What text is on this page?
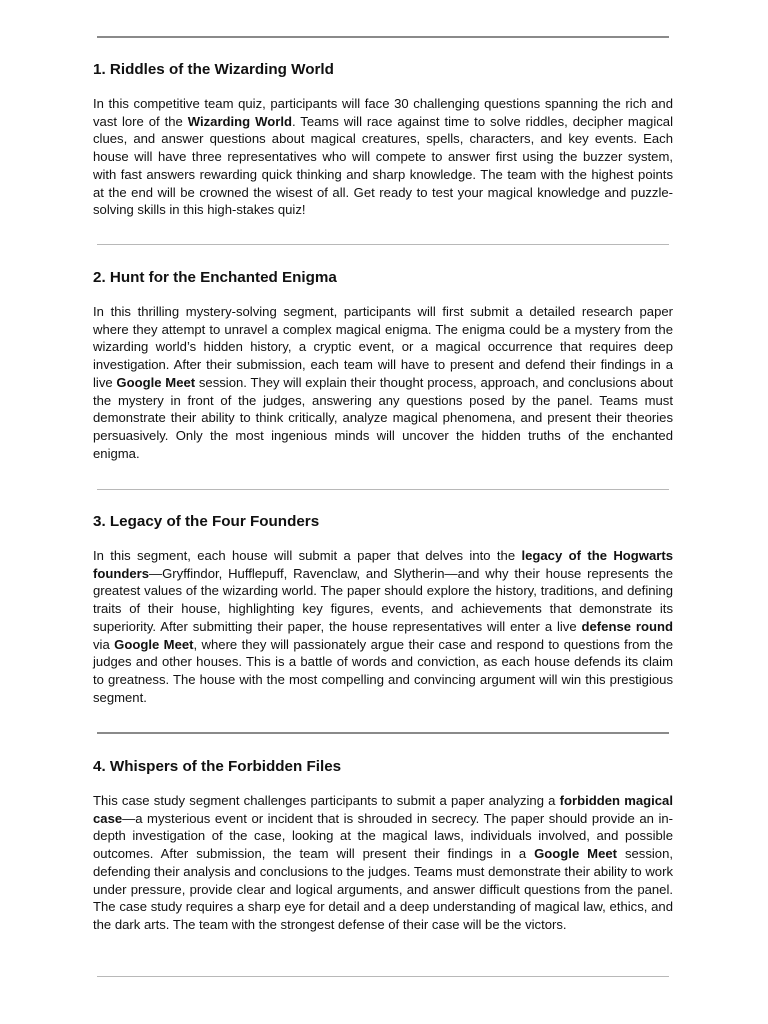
1. Riddles of the Wizarding World

In this competitive team quiz, participants will face 30 challenging questions spanning the rich and vast lore of the Wizarding World. Teams will race against time to solve riddles, decipher magical clues, and answer questions about magical creatures, spells, characters, and key events. Each house will have three representatives who will compete to answer first using the buzzer system, with fast answers rewarding quick thinking and sharp knowledge. The team with the highest points at the end will be crowned the wisest of all. Get ready to test your magical knowledge and puzzle-solving skills in this high-stakes quiz!

2. Hunt for the Enchanted Enigma

In this thrilling mystery-solving segment, participants will first submit a detailed research paper where they attempt to unravel a complex magical enigma. The enigma could be a mystery from the wizarding world’s hidden history, a cryptic event, or a magical occurrence that requires deep investigation. After their submission, each team will have to present and defend their findings in a live Google Meet session. They will explain their thought process, approach, and conclusions about the mystery in front of the judges, answering any questions posed by the panel. Teams must demonstrate their ability to think critically, analyze magical phenomena, and present their theories persuasively. Only the most ingenious minds will uncover the hidden truths of the enchanted enigma.

3. Legacy of the Four Founders

In this segment, each house will submit a paper that delves into the legacy of the Hogwarts founders—Gryffindor, Hufflepuff, Ravenclaw, and Slytherin—and why their house represents the greatest values of the wizarding world. The paper should explore the history, traditions, and defining traits of their house, highlighting key figures, events, and achievements that demonstrate its superiority. After submitting their paper, the house representatives will enter a live defense round via Google Meet, where they will passionately argue their case and respond to questions from the judges and other houses. This is a battle of words and conviction, as each house defends its claim to greatness. The house with the most compelling and convincing argument will win this prestigious segment.

4. Whispers of the Forbidden Files

This case study segment challenges participants to submit a paper analyzing a forbidden magical case—a mysterious event or incident that is shrouded in secrecy. The paper should provide an in-depth investigation of the case, looking at the magical laws, individuals involved, and possible outcomes. After submission, the team will present their findings in a Google Meet session, defending their analysis and conclusions to the judges. Teams must demonstrate their ability to work under pressure, provide clear and logical arguments, and answer difficult questions from the panel. The case study requires a sharp eye for detail and a deep understanding of magical law, ethics, and the dark arts. The team with the strongest defense of their case will be the victors.
